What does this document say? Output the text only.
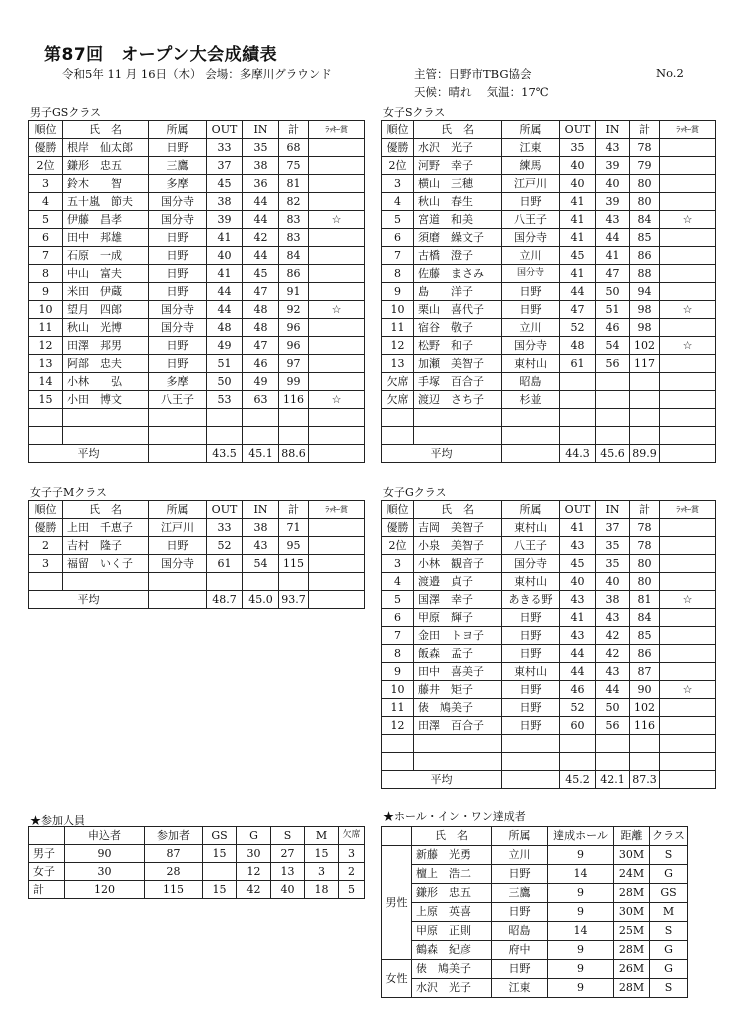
第87回　オープン大会成績表
令和5年 11 月 16日（木） 会場：多摩川グラウンド	主管：日野市TBG協会	No.2
天候：晴れ　 気温：17℃
男子GSクラス
順位	氏　名	所属	OUT	IN	計	ﾗｯｷｰ賞
優勝	根岸　仙太郎	日野	33	35	68	
2位	鎌形　忠五	三鷹	37	38	75	
3	鈴木　　智	多摩	45	36	81	
4	五十嵐　節夫	国分寺	38	44	82	
5	伊藤　昌孝	国分寺	39	44	83	☆
6	田中　邦雄	日野	41	42	83	
7	石原　一成	日野	40	44	84	
8	中山　富夫	日野	41	45	86	
9	米田　伊蔵	日野	44	47	91	
10	望月　四郎	国分寺	44	48	92	☆
11	秋山　光博	国分寺	48	48	96	
12	田澤　邦男	日野	49	47	96	
13	阿部　忠夫	日野	51	46	97	
14	小林　　弘	多摩	50	49	99	
15	小田　博文	八王子	53	63	116	☆

平均			43.5	45.1	88.6	
女子Sクラス
順位	氏　名	所属	OUT	IN	計	ﾗｯｷｰ賞
優勝	水沢　光子	江東	35	43	78	
2位	河野　幸子	練馬	40	39	79	
3	横山　三穂	江戸川	40	40	80	
4	秋山　春生	日野	41	39	80	
5	宮道　和美	八王子	41	43	84	☆
6	須磨　繰文子	国分寺	41	44	85	
7	古橋　澄子	立川	45	41	86	
8	佐藤　まさみ	国分寺	41	47	88	
9	島　　洋子	日野	44	50	94	
10	栗山　喜代子	日野	47	51	98	☆
11	宿谷　敬子	立川	52	46	98	
12	松野　和子	国分寺	48	54	102	☆
13	加瀬　美智子	東村山	61	56	117	
欠席	手塚　百合子	昭島				
欠席	渡辺　さち子	杉並				

平均			44.3	45.6	89.9	
女子子Mクラス
順位	氏　名	所属	OUT	IN	計	ﾗｯｷｰ賞
優勝	上田　千恵子	江戸川	33	38	71	
2	吉村　隆子	日野	52	43	95	
3	福留　いく子	国分寺	61	54	115	

平均			48.7	45.0	93.7	
女子Gクラス
順位	氏　名	所属	OUT	IN	計	ﾗｯｷｰ賞
優勝	吉岡　美智子	東村山	41	37	78	
2位	小泉　美智子	八王子	43	35	78	
3	小林　観音子	国分寺	45	35	80	
4	渡邉　貞子	東村山	40	40	80	
5	国澤　幸子	あきる野	43	38	81	☆
6	甲原　輝子	日野	41	43	84	
7	金田　トヨ子	日野	43	42	85	
8	飯森　孟子	日野	44	42	86	
9	田中　喜美子	東村山	44	43	87	
10	藤井　矩子	日野	46	44	90	☆
11	俵　鳩美子	日野	52	50	102	
12	田澤　百合子	日野	60	56	116	

平均			45.2	42.1	87.3	
★参加人員
	申込者	参加者	GS	G	S	M	欠席
男子	90	87	15	30	27	15	3
女子	30	28		12	13	3	2
計	120	115	15	42	40	18	5
★ホール・イン・ワン達成者
	氏　名	所属	達成ホール	距離	クラス
男性	新藤　光勇	立川	9	30M	S
	檀上　浩二	日野	14	24M	G
	鎌形　忠五	三鷹	9	28M	GS
	上原　英喜	日野	9	30M	M
	甲原　正則	昭島	14	25M	S
	鶴森　紀彦	府中	9	28M	G
女性	俵　鳩美子	日野	9	26M	G
	水沢　光子	江東	9	28M	S
